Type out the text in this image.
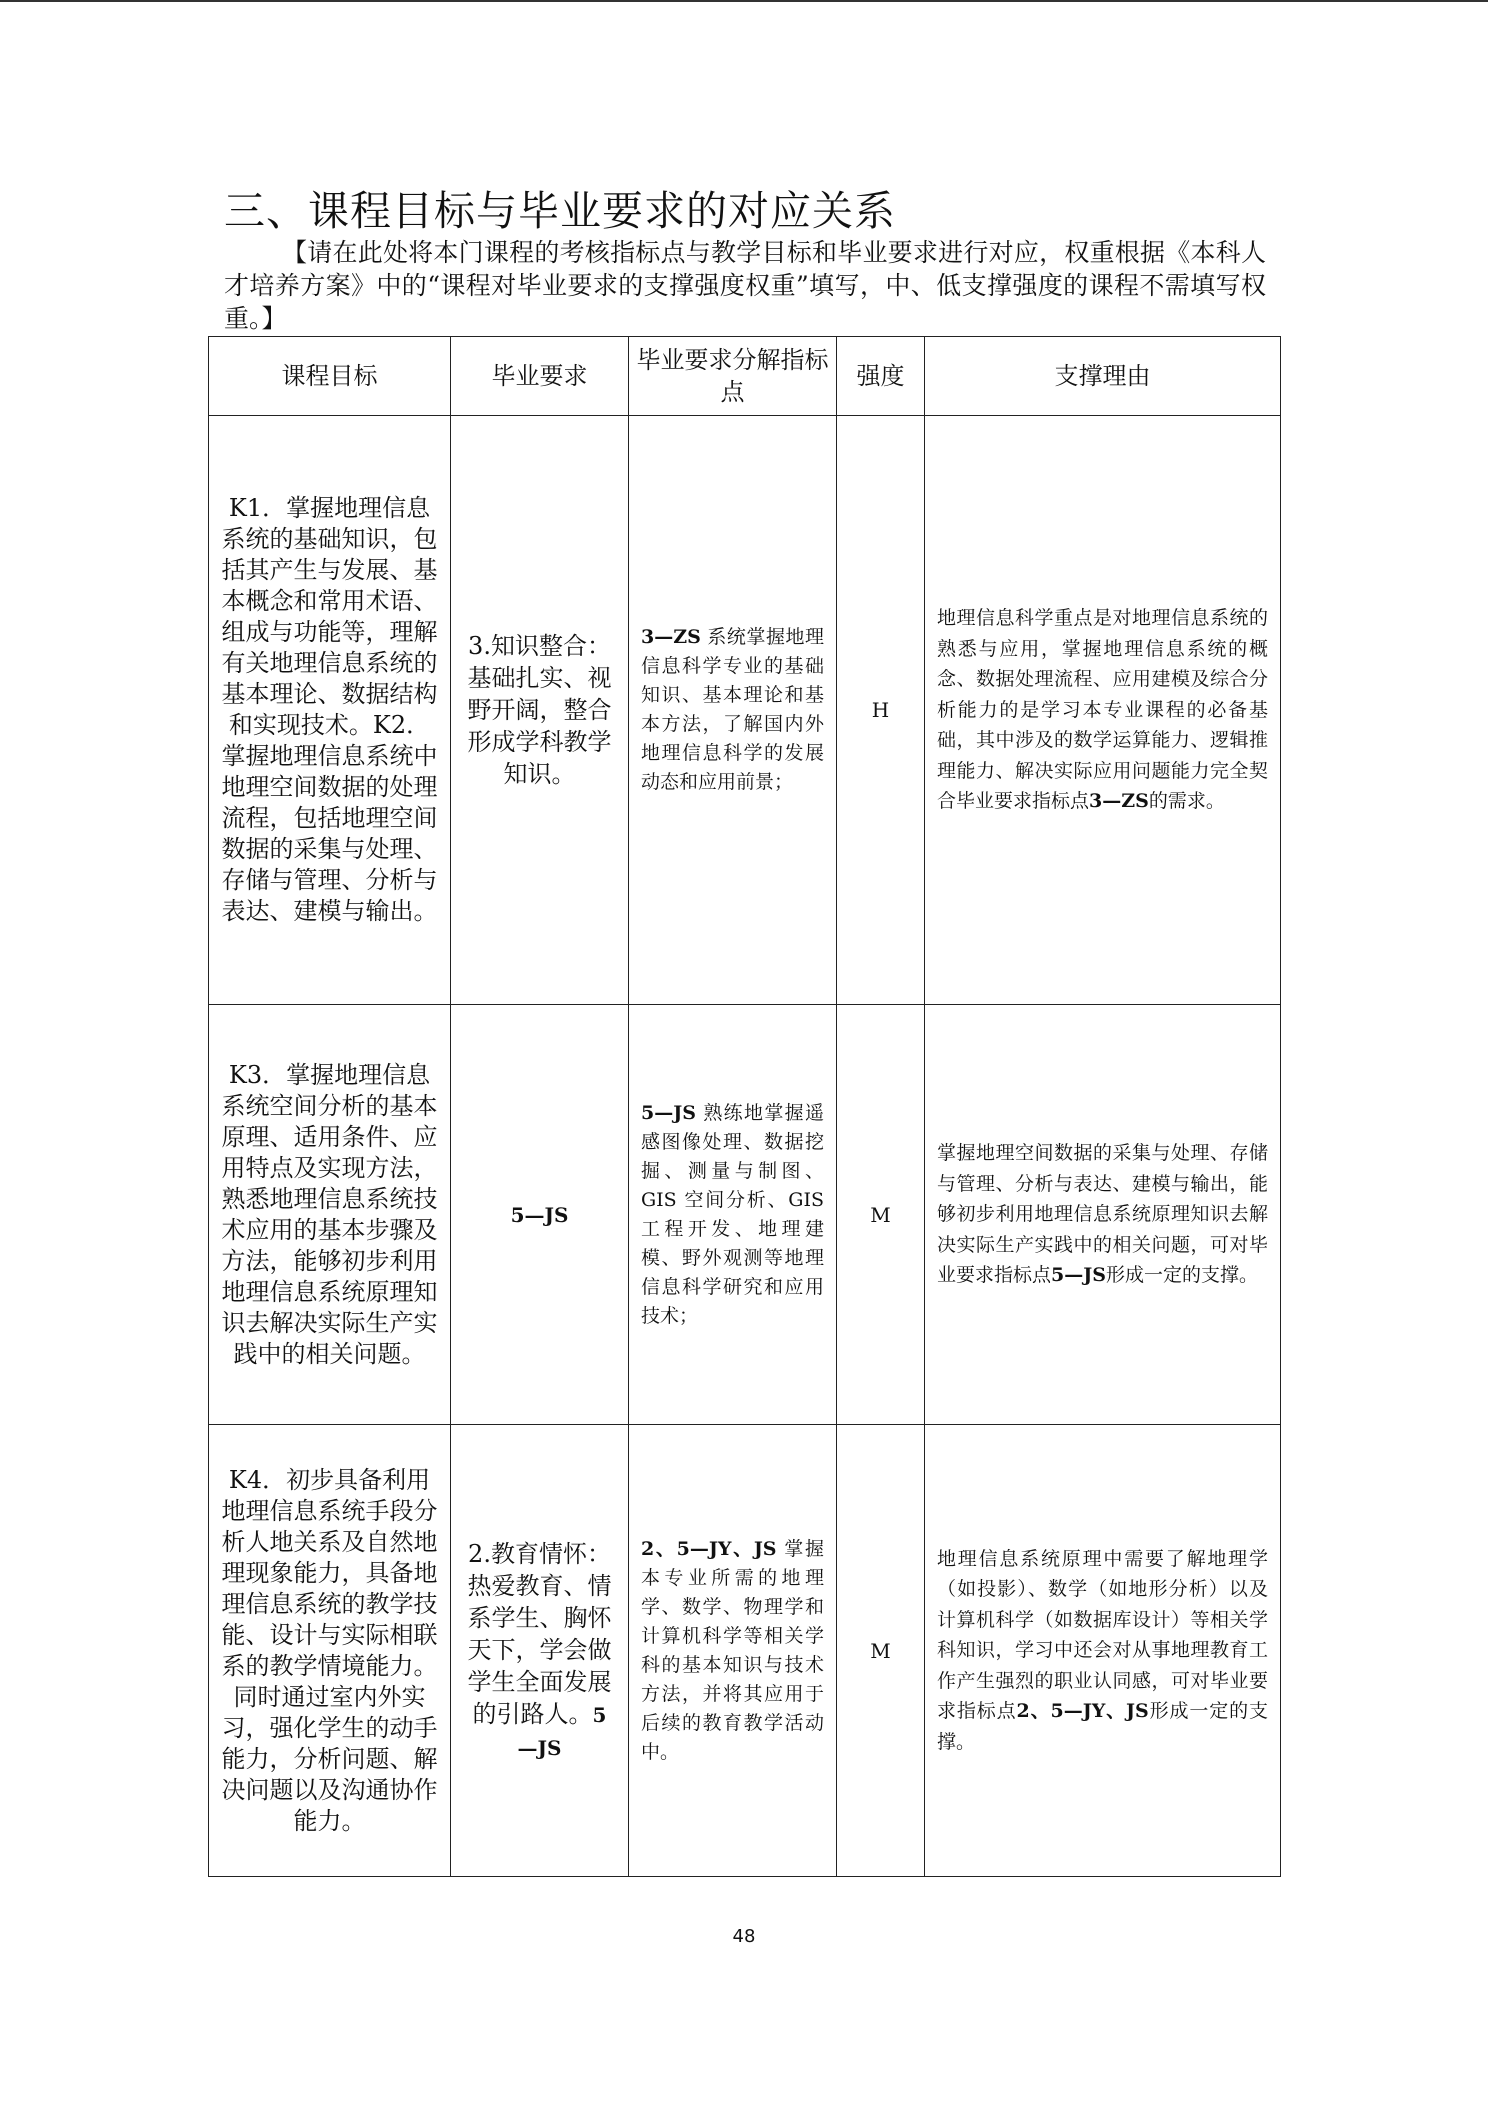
三、课程目标与毕业要求的对应关系
【请在此处将本门课程的考核指标点与教学目标和毕业要求进行对应，权重根据《本科人才培养方案》中的“课程对毕业要求的支撑强度权重”填写，中、低支撑强度的课程不需填写权重。】
课程目标	毕业要求	毕业要求分解指标点	强度	支撑理由
K1．掌握地理信息系统的基础知识，包括其产生与发展、基本概念和常用术语、组成与功能等，理解有关地理信息系统的基本理论、数据结构和实现技术。K2．掌握地理信息系统中地理空间数据的处理流程，包括地理空间数据的采集与处理、存储与管理、分析与表达、建模与输出。	3.知识整合：基础扎实、视野开阔，整合形成学科教学知识。	3—ZS 系统掌握地理信息科学专业的基础知识、基本理论和基本方法，了解国内外地理信息科学的发展动态和应用前景；	H	地理信息科学重点是对地理信息系统的熟悉与应用，掌握地理信息系统的概念、数据处理流程、应用建模及综合分析能力的是学习本专业课程的必备基础，其中涉及的数学运算能力、逻辑推理能力、解决实际应用问题能力完全契合毕业要求指标点3—ZS的需求。
K3．掌握地理信息系统空间分析的基本原理、适用条件、应用特点及实现方法，熟悉地理信息系统技术应用的基本步骤及方法，能够初步利用地理信息系统原理知识去解决实际生产实践中的相关问题。	5—JS	5—JS 熟练地掌握遥感图像处理、数据挖掘、测量与制图、GIS 空间分析、GIS 工程开发、地理建模、野外观测等地理信息科学研究和应用技术；	M	掌握地理空间数据的采集与处理、存储与管理、分析与表达、建模与输出，能够初步利用地理信息系统原理知识去解决实际生产实践中的相关问题，可对毕业要求指标点5—JS形成一定的支撑。
K4．初步具备利用地理信息系统手段分析人地关系及自然地理现象能力，具备地理信息系统的教学技能、设计与实际相联系的教学情境能力。同时通过室内外实习，强化学生的动手能力，分析问题、解决问题以及沟通协作能力。	2.教育情怀：热爱教育、情系学生、胸怀天下，学会做学生全面发展的引路人。5—JS	2、5—JY、JS 掌握本专业所需的地理学、数学、物理学和计算机科学等相关学科的基本知识与技术方法，并将其应用于后续的教育教学活动中。	M	地理信息系统原理中需要了解地理学（如投影）、数学（如地形分析）以及计算机科学（如数据库设计）等相关学科知识，学习中还会对从事地理教育工作产生强烈的职业认同感，可对毕业要求指标点2、5—JY、JS形成一定的支撑。
48
